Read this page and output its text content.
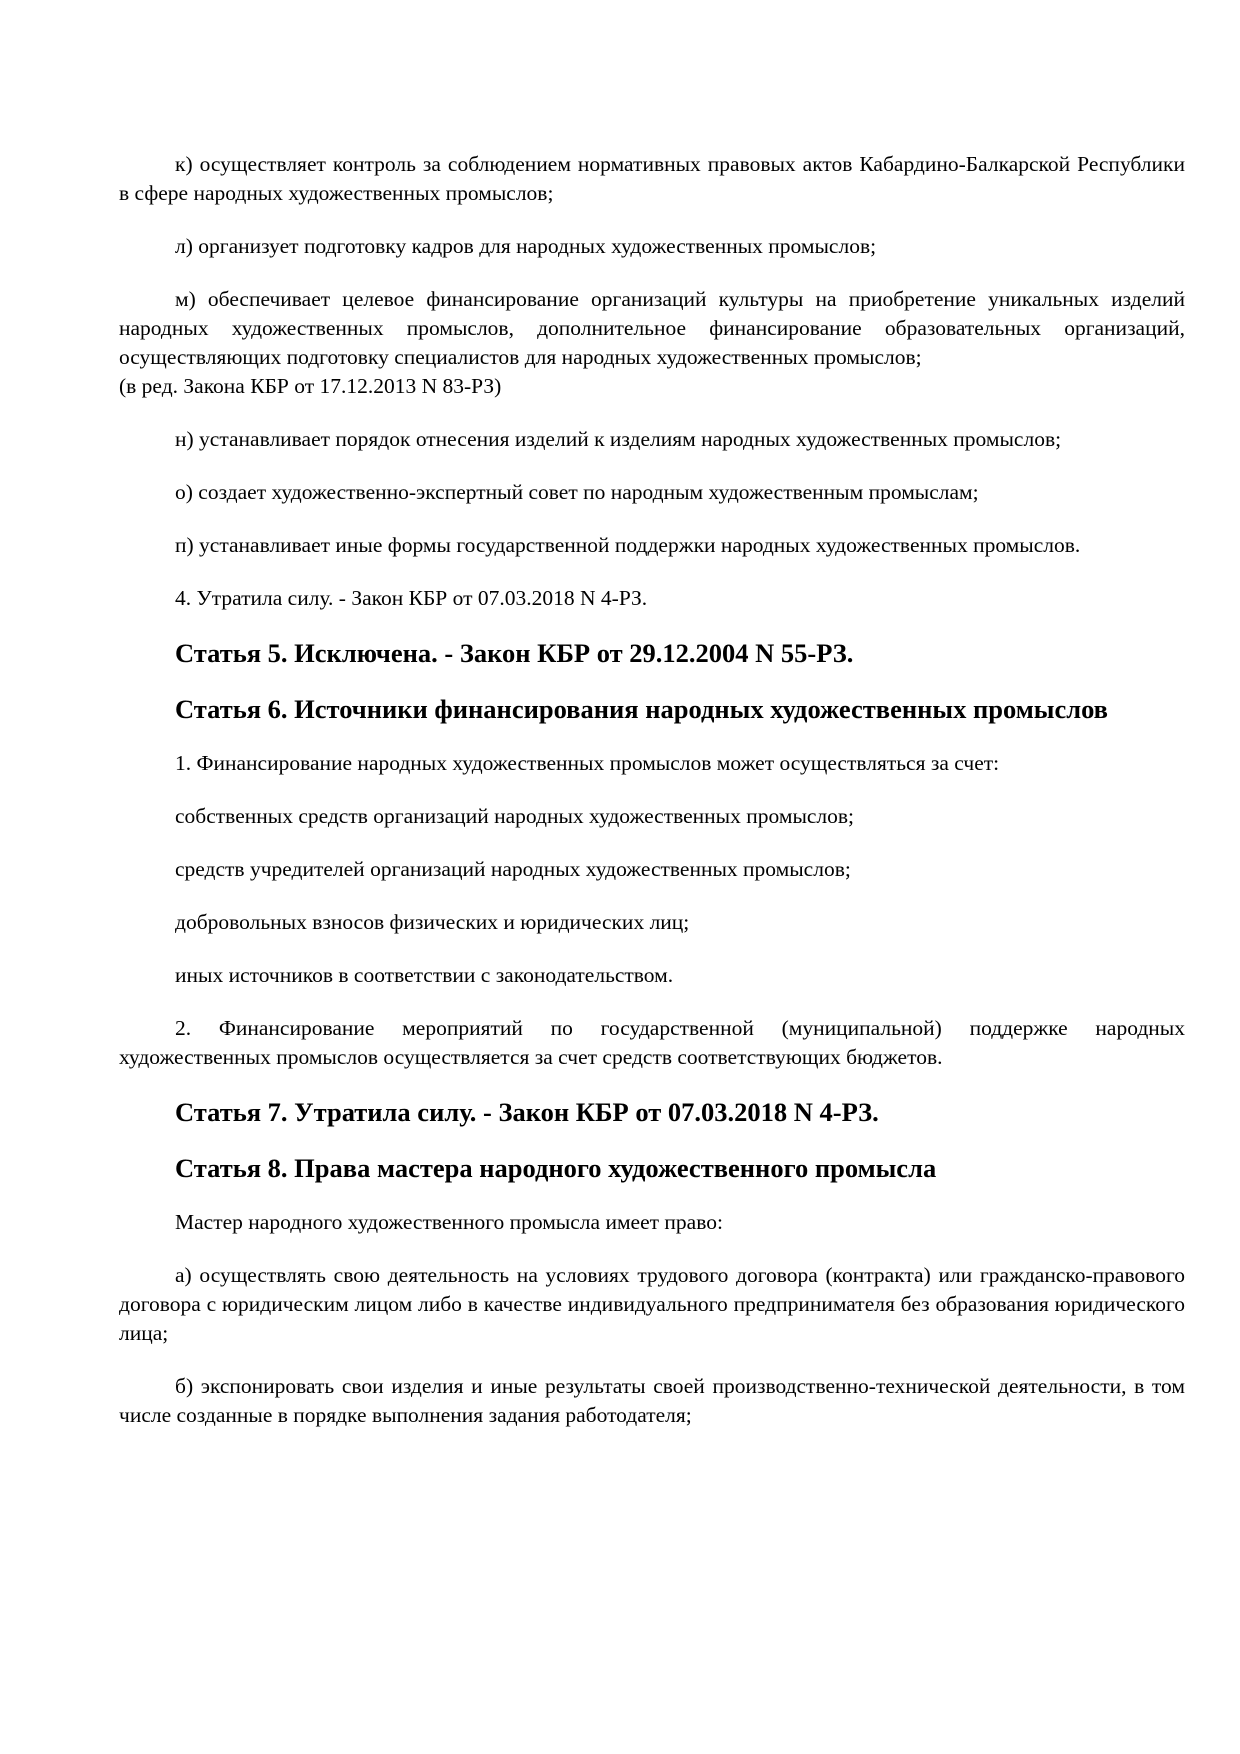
к) осуществляет контроль за соблюдением нормативных правовых актов Кабардино-Балкарской Республики в сфере народных художественных промыслов;

л) организует подготовку кадров для народных художественных промыслов;

м) обеспечивает целевое финансирование организаций культуры на приобретение уникальных изделий народных художественных промыслов, дополнительное финансирование образовательных организаций, осуществляющих подготовку специалистов для народных художественных промыслов;

(в ред. Закона КБР от 17.12.2013 N 83-РЗ)

н) устанавливает порядок отнесения изделий к изделиям народных художественных промыслов;

о) создает художественно-экспертный совет по народным художественным промыслам;

п) устанавливает иные формы государственной поддержки народных художественных промыслов.

4. Утратила силу. - Закон КБР от 07.03.2018 N 4-РЗ.

Статья 5. Исключена. - Закон КБР от 29.12.2004 N 55-РЗ.
Статья 6. Источники финансирования народных художественных промыслов

1. Финансирование народных художественных промыслов может осуществляться за счет:

собственных средств организаций народных художественных промыслов;

средств учредителей организаций народных художественных промыслов;

добровольных взносов физических и юридических лиц;

иных источников в соответствии с законодательством.

2. Финансирование мероприятий по государственной (муниципальной) поддержке народных художественных промыслов осуществляется за счет средств соответствующих бюджетов.

Статья 7. Утратила силу. - Закон КБР от 07.03.2018 N 4-РЗ.
Статья 8. Права мастера народного художественного промысла

Мастер народного художественного промысла имеет право:

а) осуществлять свою деятельность на условиях трудового договора (контракта) или гражданско-правового договора с юридическим лицом либо в качестве индивидуального предпринимателя без образования юридического лица;

б) экспонировать свои изделия и иные результаты своей производственно-технической деятельности, в том числе созданные в порядке выполнения задания работодателя;
